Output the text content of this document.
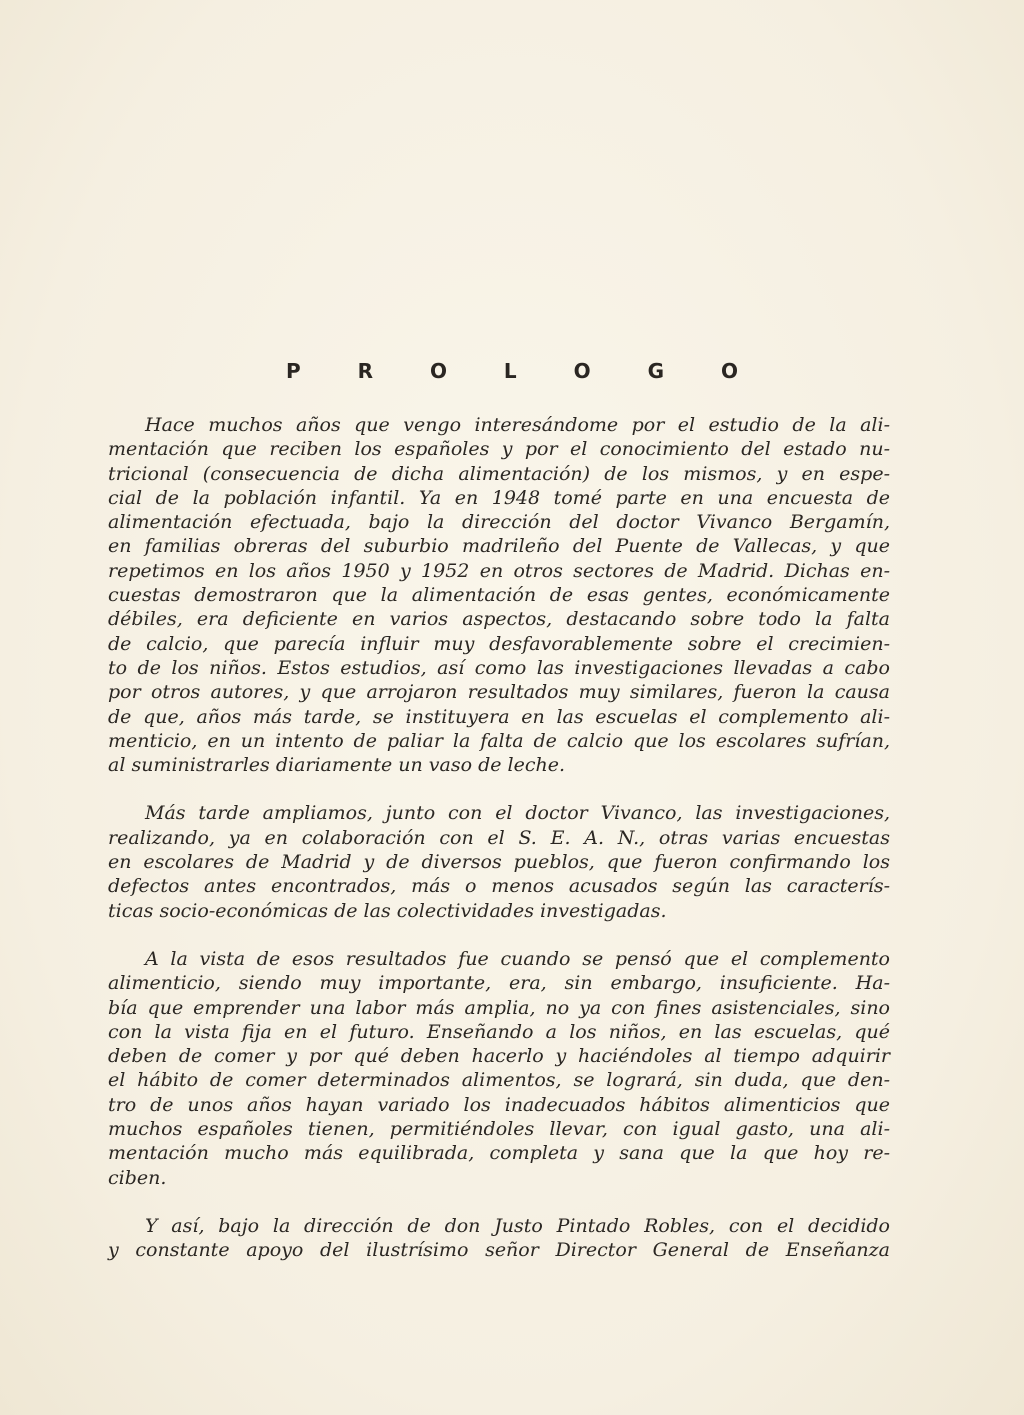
P R O L O G O
Hace muchos años que vengo interesándome por el estudio de la ali-
mentación que reciben los españoles y por el conocimiento del estado nu-
tricional (consecuencia de dicha alimentación) de los mismos, y en espe-
cial de la población infantil. Ya en 1948 tomé parte en una encuesta de
alimentación efectuada, bajo la dirección del doctor Vivanco Bergamín,
en familias obreras del suburbio madrileño del Puente de Vallecas, y que
repetimos en los años 1950 y 1952 en otros sectores de Madrid. Dichas en-
cuestas demostraron que la alimentación de esas gentes, económicamente
débiles, era deficiente en varios aspectos, destacando sobre todo la falta
de calcio, que parecía influir muy desfavorablemente sobre el crecimien-
to de los niños. Estos estudios, así como las investigaciones llevadas a cabo
por otros autores, y que arrojaron resultados muy similares, fueron la causa
de que, años más tarde, se instituyera en las escuelas el complemento ali-
menticio, en un intento de paliar la falta de calcio que los escolares sufrían,
al suministrarles diariamente un vaso de leche.
Más tarde ampliamos, junto con el doctor Vivanco, las investigaciones,
realizando, ya en colaboración con el S. E. A. N., otras varias encuestas
en escolares de Madrid y de diversos pueblos, que fueron confirmando los
defectos antes encontrados, más o menos acusados según las caracterís-
ticas socio-económicas de las colectividades investigadas.
A la vista de esos resultados fue cuando se pensó que el complemento
alimenticio, siendo muy importante, era, sin embargo, insuficiente. Ha-
bía que emprender una labor más amplia, no ya con fines asistenciales, sino
con la vista fija en el futuro. Enseñando a los niños, en las escuelas, qué
deben de comer y por qué deben hacerlo y haciéndoles al tiempo adquirir
el hábito de comer determinados alimentos, se logrará, sin duda, que den-
tro de unos años hayan variado los inadecuados hábitos alimenticios que
muchos españoles tienen, permitiéndoles llevar, con igual gasto, una ali-
mentación mucho más equilibrada, completa y sana que la que hoy re-
ciben.
Y así, bajo la dirección de don Justo Pintado Robles, con el decidido
y constante apoyo del ilustrísimo señor Director General de Enseñanza
